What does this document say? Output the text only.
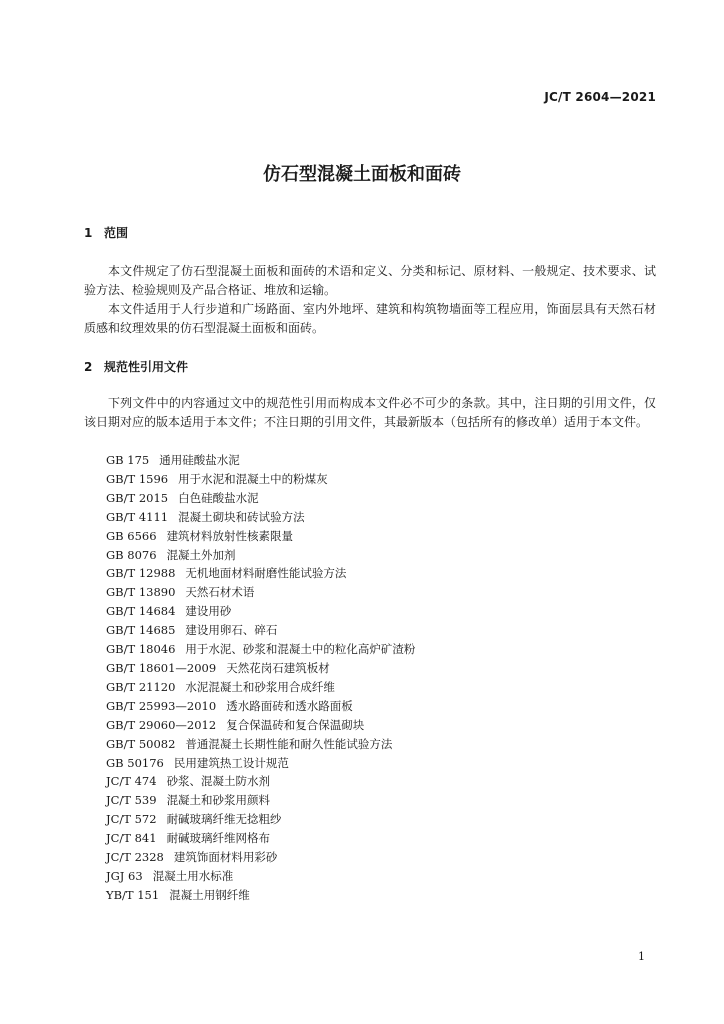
JC/T 2604—2021
仿石型混凝土面板和面砖
1 范围

本文件规定了仿石型混凝土面板和面砖的术语和定义、分类和标记、原材料、一般规定、技术要求、试验方法、检验规则及产品合格证、堆放和运输。

本文件适用于人行步道和广场路面、室内外地坪、建筑和构筑物墙面等工程应用，饰面层具有天然石材质感和纹理效果的仿石型混凝土面板和面砖。

2 规范性引用文件

下列文件中的内容通过文中的规范性引用而构成本文件必不可少的条款。其中，注日期的引用文件，仅该日期对应的版本适用于本文件；不注日期的引用文件，其最新版本（包括所有的修改单）适用于本文件。

GB 175 通用硅酸盐水泥
GB/T 1596 用于水泥和混凝土中的粉煤灰
GB/T 2015 白色硅酸盐水泥
GB/T 4111 混凝土砌块和砖试验方法
GB 6566 建筑材料放射性核素限量
GB 8076 混凝土外加剂
GB/T 12988 无机地面材料耐磨性能试验方法
GB/T 13890 天然石材术语
GB/T 14684 建设用砂
GB/T 14685 建设用卵石、碎石
GB/T 18046 用于水泥、砂浆和混凝土中的粒化高炉矿渣粉
GB/T 18601—2009 天然花岗石建筑板材
GB/T 21120 水泥混凝土和砂浆用合成纤维
GB/T 25993—2010 透水路面砖和透水路面板
GB/T 29060—2012 复合保温砖和复合保温砌块
GB/T 50082 普通混凝土长期性能和耐久性能试验方法
GB 50176 民用建筑热工设计规范
JC/T 474 砂浆、混凝土防水剂
JC/T 539 混凝土和砂浆用颜料
JC/T 572 耐碱玻璃纤维无捻粗纱
JC/T 841 耐碱玻璃纤维网格布
JC/T 2328 建筑饰面材料用彩砂
JGJ 63 混凝土用水标准
YB/T 151 混凝土用钢纤维
1
